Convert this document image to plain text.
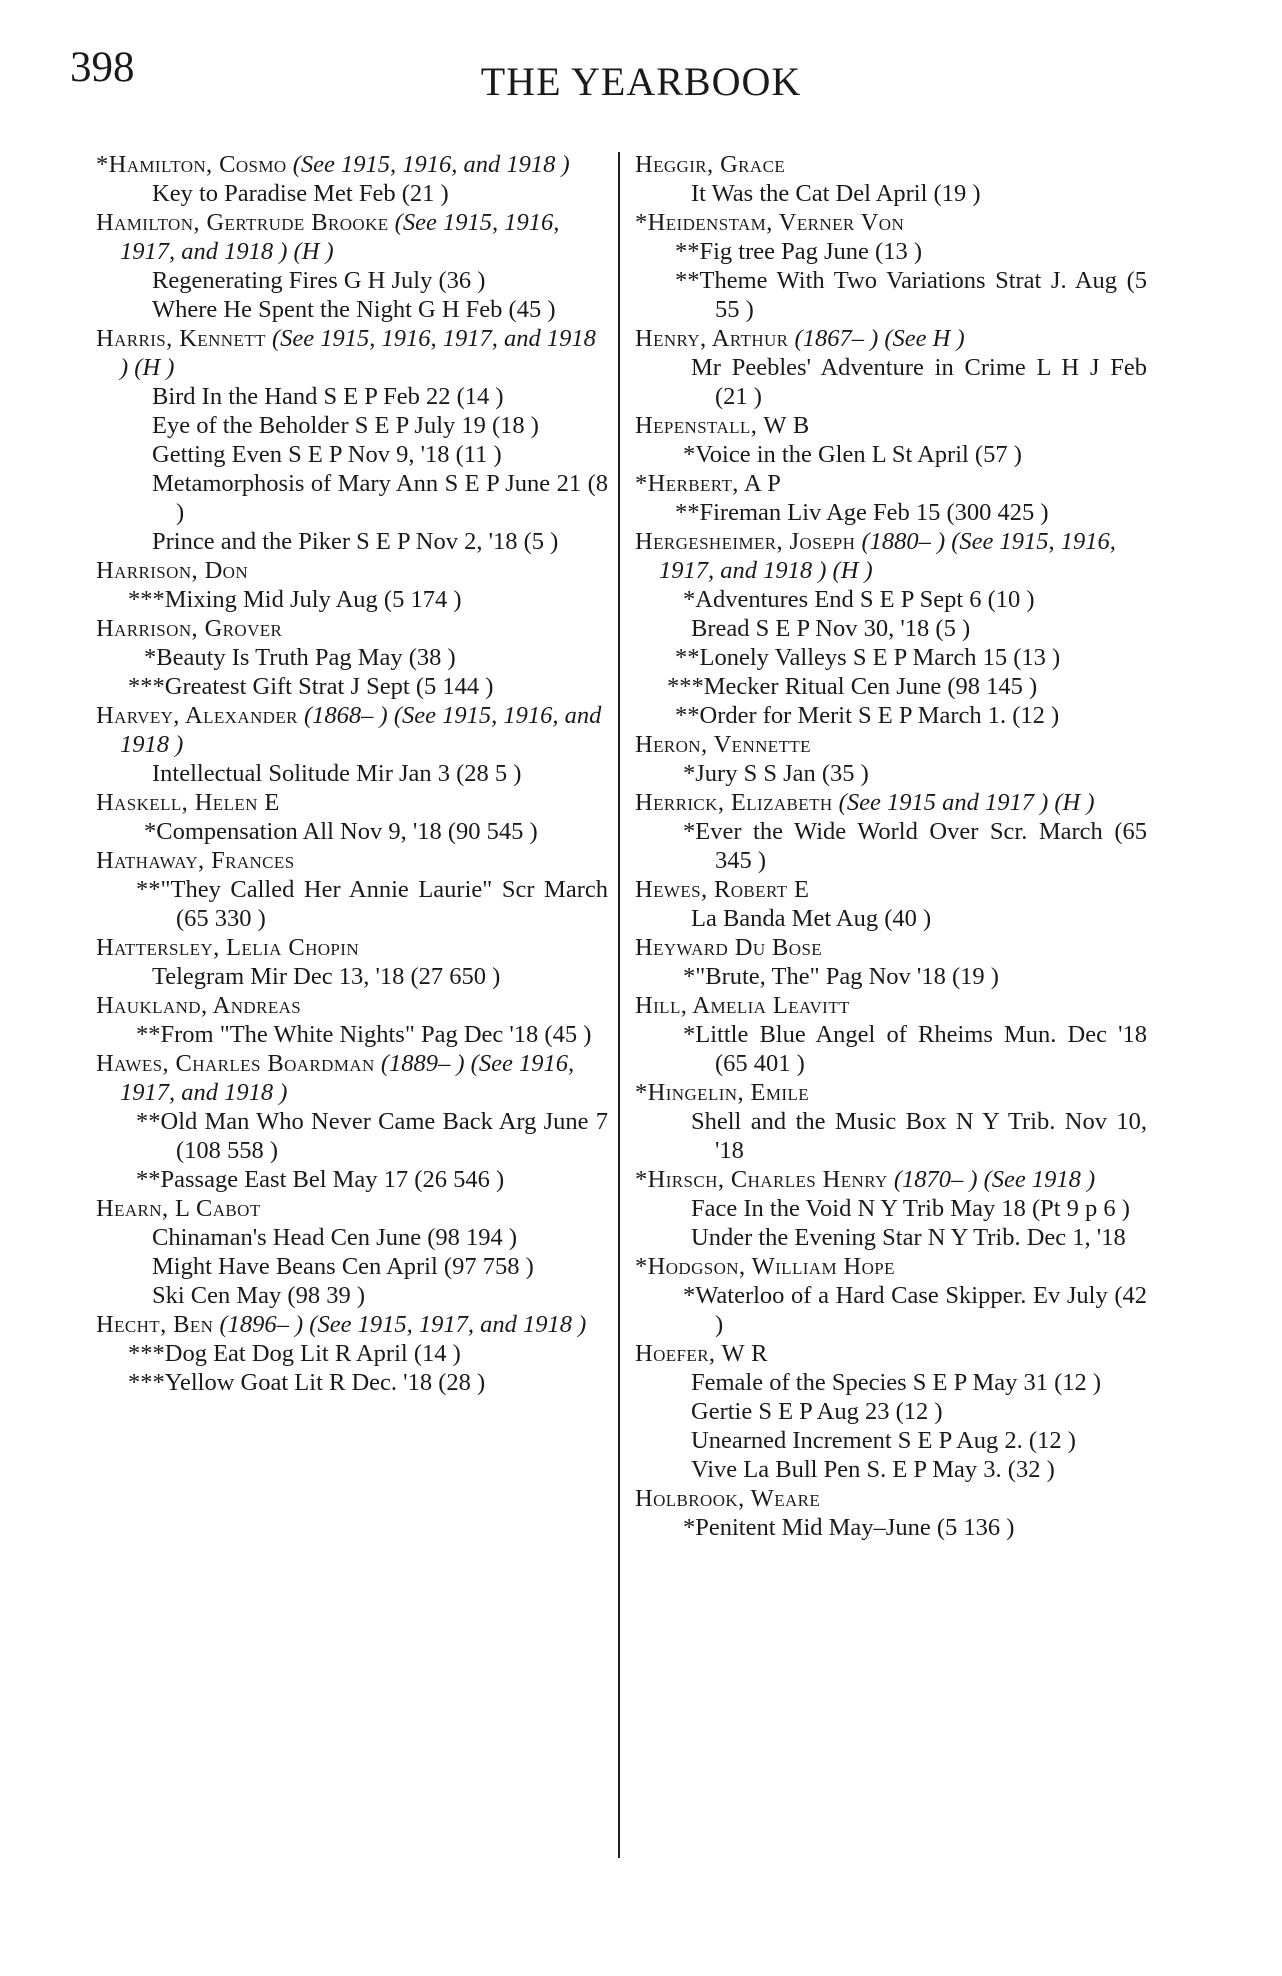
398	THE YEARBOOK
*Hamilton, Cosmo (See 1915, 1916, and 1918 )
Key to Paradise Met Feb (21 )
Hamilton, Gertrude Brooke (See 1915, 1916, 1917, and 1918 ) (H )
Regenerating Fires G H July (36 )
Where He Spent the Night G H Feb (45 )
Harris, Kennett (See 1915, 1916, 1917, and 1918 ) (H )
Bird In the Hand S E P Feb 22 (14 )
Eye of the Beholder S E P July 19 (18 )
Getting Even S E P Nov 9, '18 (11 )
Metamorphosis of Mary Ann S E P June 21 (8 )
Prince and the Piker S E P Nov 2, '18 (5 )
Harrison, Don
***Mixing Mid July Aug (5 174 )
Harrison, Grover
*Beauty Is Truth Pag May (38 )
***Greatest Gift Strat J Sept (5 144 )
Harvey, Alexander (1868– ) (See 1915, 1916, and 1918 )
Intellectual Solitude Mir Jan 3 (28 5 )
Haskell, Helen E
*Compensation All Nov 9, '18 (90 545 )
Hathaway, Frances
**"They Called Her Annie Laurie" Scr March (65 330 )
Hattersley, Lelia Chopin
Telegram Mir Dec 13, '18 (27 650 )
Haukland, Andreas
**From "The White Nights" Pag Dec '18 (45 )
Hawes, Charles Boardman (1889– ) (See 1916, 1917, and 1918 )
**Old Man Who Never Came Back Arg June 7 (108 558 )
**Passage East Bel May 17 (26 546 )
Hearn, L Cabot
Chinaman's Head Cen June (98 194 )
Might Have Beans Cen April (97 758 )
Ski Cen May (98 39 )
Hecht, Ben (1896– ) (See 1915, 1917, and 1918 )
***Dog Eat Dog Lit R April (14 )
***Yellow Goat Lit R Dec. '18 (28 )
Heggir, Grace
It Was the Cat Del April (19 )
*Heidenstam, Verner Von
**Fig tree Pag June (13 )
**Theme With Two Variations Strat J. Aug (5 55 )
Henry, Arthur (1867– ) (See H )
Mr Peebles' Adventure in Crime L H J Feb (21 )
Hepenstall, W B
*Voice in the Glen L St April (57 )
*Herbert, A P
**Fireman Liv Age Feb 15 (300 425 )
Hergesheimer, Joseph (1880– ) (See 1915, 1916, 1917, and 1918 ) (H )
*Adventures End S E P Sept 6 (10 )
Bread S E P Nov 30, '18 (5 )
**Lonely Valleys S E P March 15 (13 )
***Mecker Ritual Cen June (98 145 )
**Order for Merit S E P March 1. (12 )
Heron, Vennette
*Jury S S Jan (35 )
Herrick, Elizabeth (See 1915 and 1917 ) (H )
*Ever the Wide World Over Scr. March (65 345 )
Hewes, Robert E
La Banda Met Aug (40 )
Heyward Du Bose
*"Brute, The" Pag Nov '18 (19 )
Hill, Amelia Leavitt
*Little Blue Angel of Rheims Mun. Dec '18 (65 401 )
*Hingelin, Emile
Shell and the Music Box N Y Trib. Nov 10, '18
*Hirsch, Charles Henry (1870– ) (See 1918 )
Face In the Void N Y Trib May 18 (Pt 9 p 6 )
Under the Evening Star N Y Trib. Dec 1, '18
*Hodgson, William Hope
*Waterloo of a Hard Case Skipper. Ev July (42 )
Hoefer, W R
Female of the Species S E P May 31 (12 )
Gertie S E P Aug 23 (12 )
Unearned Increment S E P Aug 2. (12 )
Vive La Bull Pen S. E P May 3. (32 )
Holbrook, Weare
*Penitent Mid May–June (5 136 )
